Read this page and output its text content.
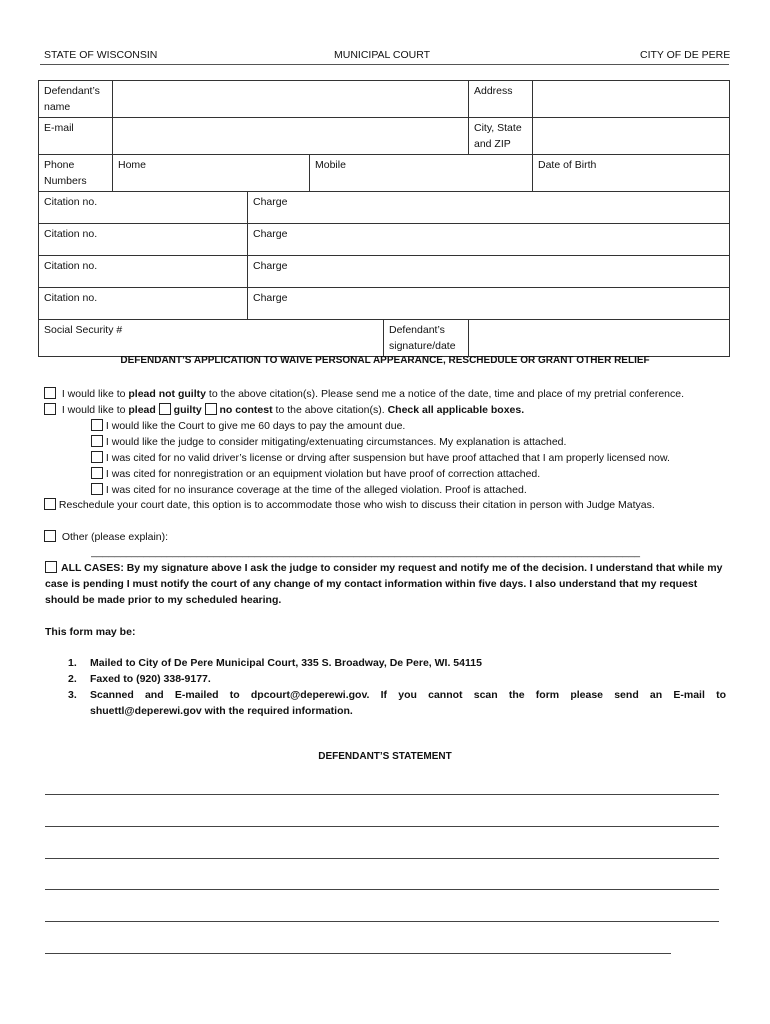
STATE OF WISCONSIN	MUNICIPAL COURT	CITY OF DE PERE
Defendant’s name					Address	
E-mail					City, State and ZIP	
Phone Numbers	Home		Mobile			Date of Birth
Citation no.		Charge				
Citation no.		Charge				
Citation no.		Charge				
Citation no.		Charge				
Social Security #				Defendant’s signature/date		
DEFENDANT’S APPLICATION TO WAIVE PERSONAL APPEARANCE, RESCHEDULE OR GRANT OTHER RELIEF
I would like to plead not guilty to the above citation(s). Please send me a notice of the date, time and place of my pretrial conference.
I would like to plead guilty no contest to the above citation(s). Check all applicable boxes.
I would like the Court to give me 60 days to pay the amount due.
I would like the judge to consider mitigating/extenuating circumstances. My explanation is attached.
I was cited for no valid driver’s license or drving after suspension but have proof attached that I am properly licensed now.
I was cited for nonregistration or an equipment violation but have proof of correction attached.
I was cited for no insurance coverage at the time of the alleged violation. Proof is attached.
Reschedule your court date, this option is to accommodate those who wish to discuss their citation in person with Judge Matyas.
Other (please explain):
______________________________________________________________________________________________
ALL CASES: By my signature above I ask the judge to consider my request and notify me of the decision. I understand that while my case is pending I must notify the court of any change of my contact information within five days. I also understand that my request should be made prior to my scheduled hearing.
This form may be:
1. Mailed to City of De Pere Municipal Court, 335 S. Broadway, De Pere, WI. 54115
2. Faxed to (920) 338-9177.
3.	Scanned and E-mailed to dpcourt@deperewi.gov. If you cannot scan the form please send an E-mail to
shuettl@deperewi.gov with the required information.
DEFENDANT’S STATEMENT
